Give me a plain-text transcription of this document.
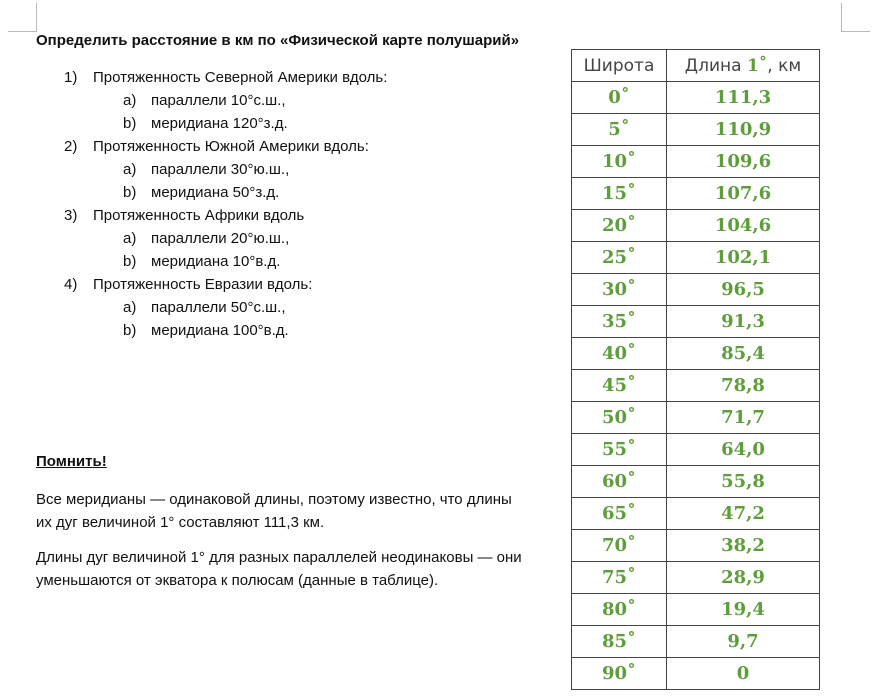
Определить расстояние в км по «Физической карте полушарий»

1) Протяженность Северной Америки вдоль:
a) параллели 10°с.ш.,
b) меридиана 120°з.д.
2) Протяженность Южной Америки вдоль:
a) параллели 30°ю.ш.,
b) меридиана 50°з.д.
3) Протяженность Африки вдоль
a) параллели 20°ю.ш.,
b) меридиана 10°в.д.
4) Протяженность Евразии вдоль:
a) параллели 50°с.ш.,
b) меридиана 100°в.д.

Помнить!

Все меридианы — одинаковой длины, поэтому известно, что длины их дуг величиной 1° составляют 111,3 км.

Длины дуг величиной 1° для разных параллелей неодинаковы — они уменьшаются от экватора к полюсам (данные в таблице).

Широта	Длина 1˚, км
0˚	111,3
5˚	110,9
10˚	109,6
15˚	107,6
20˚	104,6
25˚	102,1
30˚	96,5
35˚	91,3
40˚	85,4
45˚	78,8
50˚	71,7
55˚	64,0
60˚	55,8
65˚	47,2
70˚	38,2
75˚	28,9
80˚	19,4
85˚	9,7
90˚	0
